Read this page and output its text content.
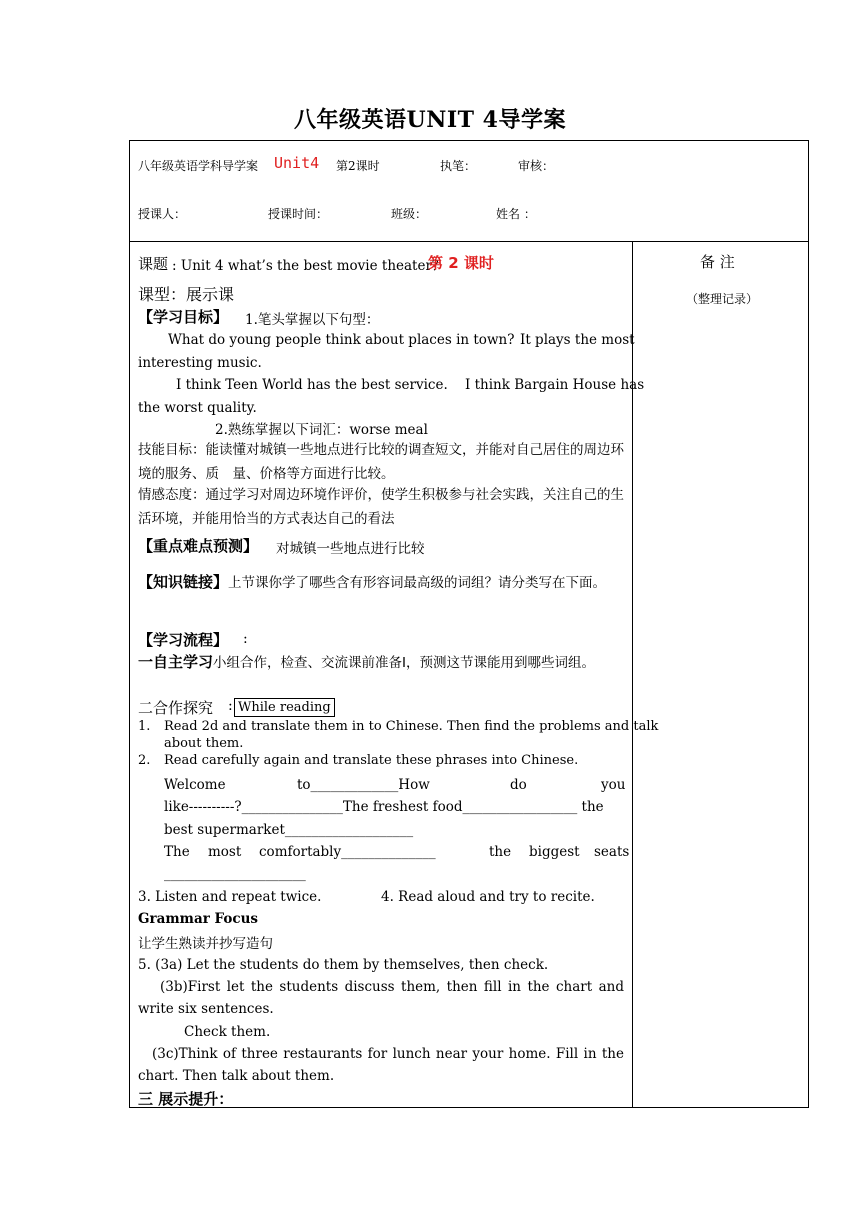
八年级英语UNIT 4导学案
八年级英语学科导学案 Unit4 第2课时	执笔：	审核：
授课人：	授课时间：	班级：	姓名 ：
备 注
（整理记录）
课题 : Unit 4 what’s the best movie theater？
第 2 课时
课型：展示课
【学习目标】 1.笔头掌握以下句型：
What do young people think about places in town? It plays the most
interesting music.
I think Teen World has the best service. I think Bargain House has
the worst quality.
2.熟练掌握以下词汇：worse meal
技能目标：能读懂对城镇一些地点进行比较的调查短文，并能对自己居住的周边环境的服务、质　量、价格等方面进行比较。
情感态度：通过学习对周边环境作评价，使学生积极参与社会实践，关注自己的生活环境，并能用恰当的方式表达自己的看法
【重点难点预测】 对城镇一些地点进行比较
【知识链接】上节课你学了哪些含有形容词最高级的词组？请分类写在下面。
【学习流程】 :
一自主学习小组合作，检查、交流课前准备Ⅰ，预测这节课能用到哪些词组。
二合作探究 : While reading
1. Read 2d and translate them in to Chinese. Then find the problems and talk
about them.
2. Read carefully again and translate these phrases into Chinese.
Welcome	to_____________How	do	you
like----------?_______________The freshest food_________________ the
best supermarket___________________
The most comfortably______________	the biggest seats
_____________________
3. Listen and repeat twice.	4. Read aloud and try to recite.
Grammar Focus
让学生熟读并抄写造句
5. (3a) Let the students do them by themselves, then check.
(3b)First let the students discuss them, then fill in the chart and write six sentences.
Check them.
(3c)Think of three restaurants for lunch near your home. Fill in the chart. Then talk about them.
三 展示提升：
